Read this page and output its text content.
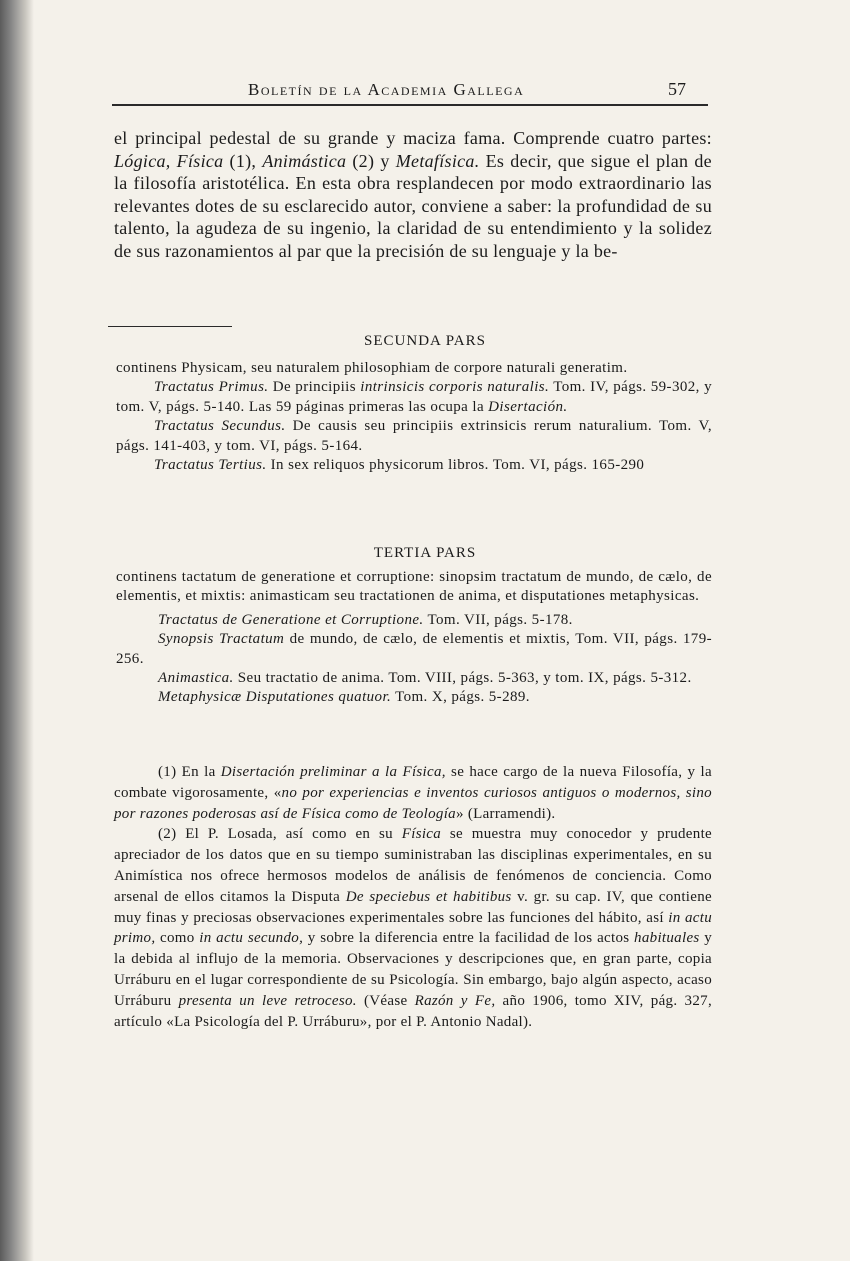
Boletín de la Academia Gallega	57
el principal pedestal de su grande y maciza fama. Comprende cuatro partes: Lógica, Física (1), Animástica (2) y Metafísica. Es decir, que sigue el plan de la filosofía aristotélica. En esta obra resplandecen por modo extraordinario las relevantes dotes de su esclarecido autor, conviene a saber: la profundidad de su talento, la agudeza de su ingenio, la claridad de su entendimiento y la solidez de sus razonamientos al par que la precisión de su lenguaje y la be-
SECUNDA PARS

continens Physicam, seu naturalem philosophiam de corpore naturali generatim.

Tractatus Primus. De principiis intrinsicis corporis naturalis. Tom. IV, págs. 59-302, y tom. V, págs. 5-140. Las 59 páginas primeras las ocupa la Disertación.

Tractatus Secundus. De causis seu principiis extrinsicis rerum naturalium. Tom. V, págs. 141-403, y tom. VI, págs. 5-164.

Tractatus Tertius. In sex reliquos physicorum libros. Tom. VI, págs. 165-290

TERTIA PARS

continens tactatum de generatione et corruptione: sinopsim tractatum de mundo, de cælo, de elementis, et mixtis: animasticam seu tractationen de anima, et disputationes metaphysicas.

Tractatus de Generatione et Corruptione. Tom. VII, págs. 5-178.

Synopsis Tractatum de mundo, de cælo, de elementis et mixtis, Tom. VII, págs. 179-256.

Animastica. Seu tractatio de anima. Tom. VIII, págs. 5-363, y tom. IX, págs. 5-312.

Metaphysicæ Disputationes quatuor. Tom. X, págs. 5-289.

(1) En la Disertación preliminar a la Física, se hace cargo de la nueva Filosofía, y la combate vigorosamente, «no por experiencias e inventos curiosos antiguos o modernos, sino por razones poderosas así de Física como de Teología» (Larramendi).

(2) El P. Losada, así como en su Física se muestra muy conocedor y prudente apreciador de los datos que en su tiempo suministraban las disciplinas experimentales, en su Animística nos ofrece hermosos modelos de análisis de fenómenos de conciencia. Como arsenal de ellos citamos la Disputa De speciebus et habitibus v. gr. su cap. IV, que contiene muy finas y preciosas observaciones experimentales sobre las funciones del hábito, así in actu primo, como in actu secundo, y sobre la diferencia entre la facilidad de los actos habituales y la debida al influjo de la memoria. Observaciones y descripciones que, en gran parte, copia Urráburu en el lugar correspondiente de su Psicología. Sin embargo, bajo algún aspecto, acaso Urráburu presenta un leve retroceso. (Véase Razón y Fe, año 1906, tomo XIV, pág. 327, artículo «La Psicología del P. Urráburu», por el P. Antonio Nadal).
